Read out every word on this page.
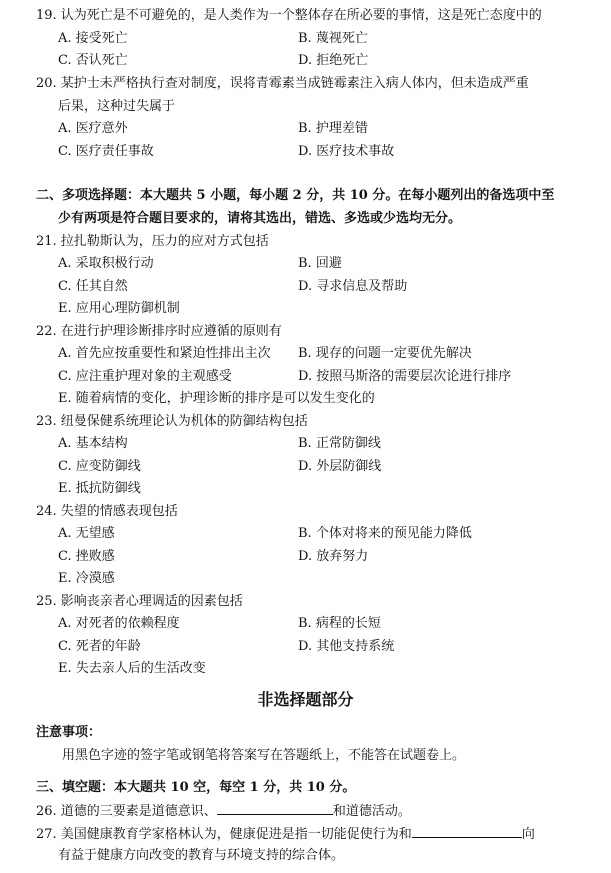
19. 认为死亡是不可避免的，是人类作为一个整体存在所必要的事情，这是死亡态度中的
A. 接受死亡	B. 蔑视死亡
C. 否认死亡	D. 拒绝死亡
20. 某护士未严格执行查对制度，误将青霉素当成链霉素注入病人体内，但未造成严重
后果，这种过失属于
A. 医疗意外	B. 护理差错
C. 医疗责任事故	D. 医疗技术事故
二、多项选择题：本大题共 5 小题，每小题 2 分，共 10 分。在每小题列出的备选项中至
少有两项是符合题目要求的，请将其选出，错选、多选或少选均无分。
21. 拉扎勒斯认为，压力的应对方式包括
A. 采取积极行动	B. 回避
C. 任其自然	D. 寻求信息及帮助
E. 应用心理防御机制
22. 在进行护理诊断排序时应遵循的原则有
A. 首先应按重要性和紧迫性排出主次 B. 现存的问题一定要优先解决
C. 应注重护理对象的主观感受	D. 按照马斯洛的需要层次论进行排序
E. 随着病情的变化，护理诊断的排序是可以发生变化的
23. 纽曼保健系统理论认为机体的防御结构包括
A. 基本结构	B. 正常防御线
C. 应变防御线	D. 外层防御线
E. 抵抗防御线
24. 失望的情感表现包括
A. 无望感	B. 个体对将来的预见能力降低
C. 挫败感	D. 放弃努力
E. 冷漠感
25. 影响丧亲者心理调适的因素包括
A. 对死者的依赖程度	B. 病程的长短
C. 死者的年龄	D. 其他支持系统
E. 失去亲人后的生活改变
非选择题部分
注意事项：
用黑色字迹的签字笔或钢笔将答案写在答题纸上，不能答在试题卷上。
三、填空题：本大题共 10 空，每空 1 分，共 10 分。
26. 道德的三要素是道德意识、	和道德活动。
27. 美国健康教育学家格林认为，健康促进是指一切能促使行为和	向
有益于健康方向改变的教育与环境支持的综合体。
